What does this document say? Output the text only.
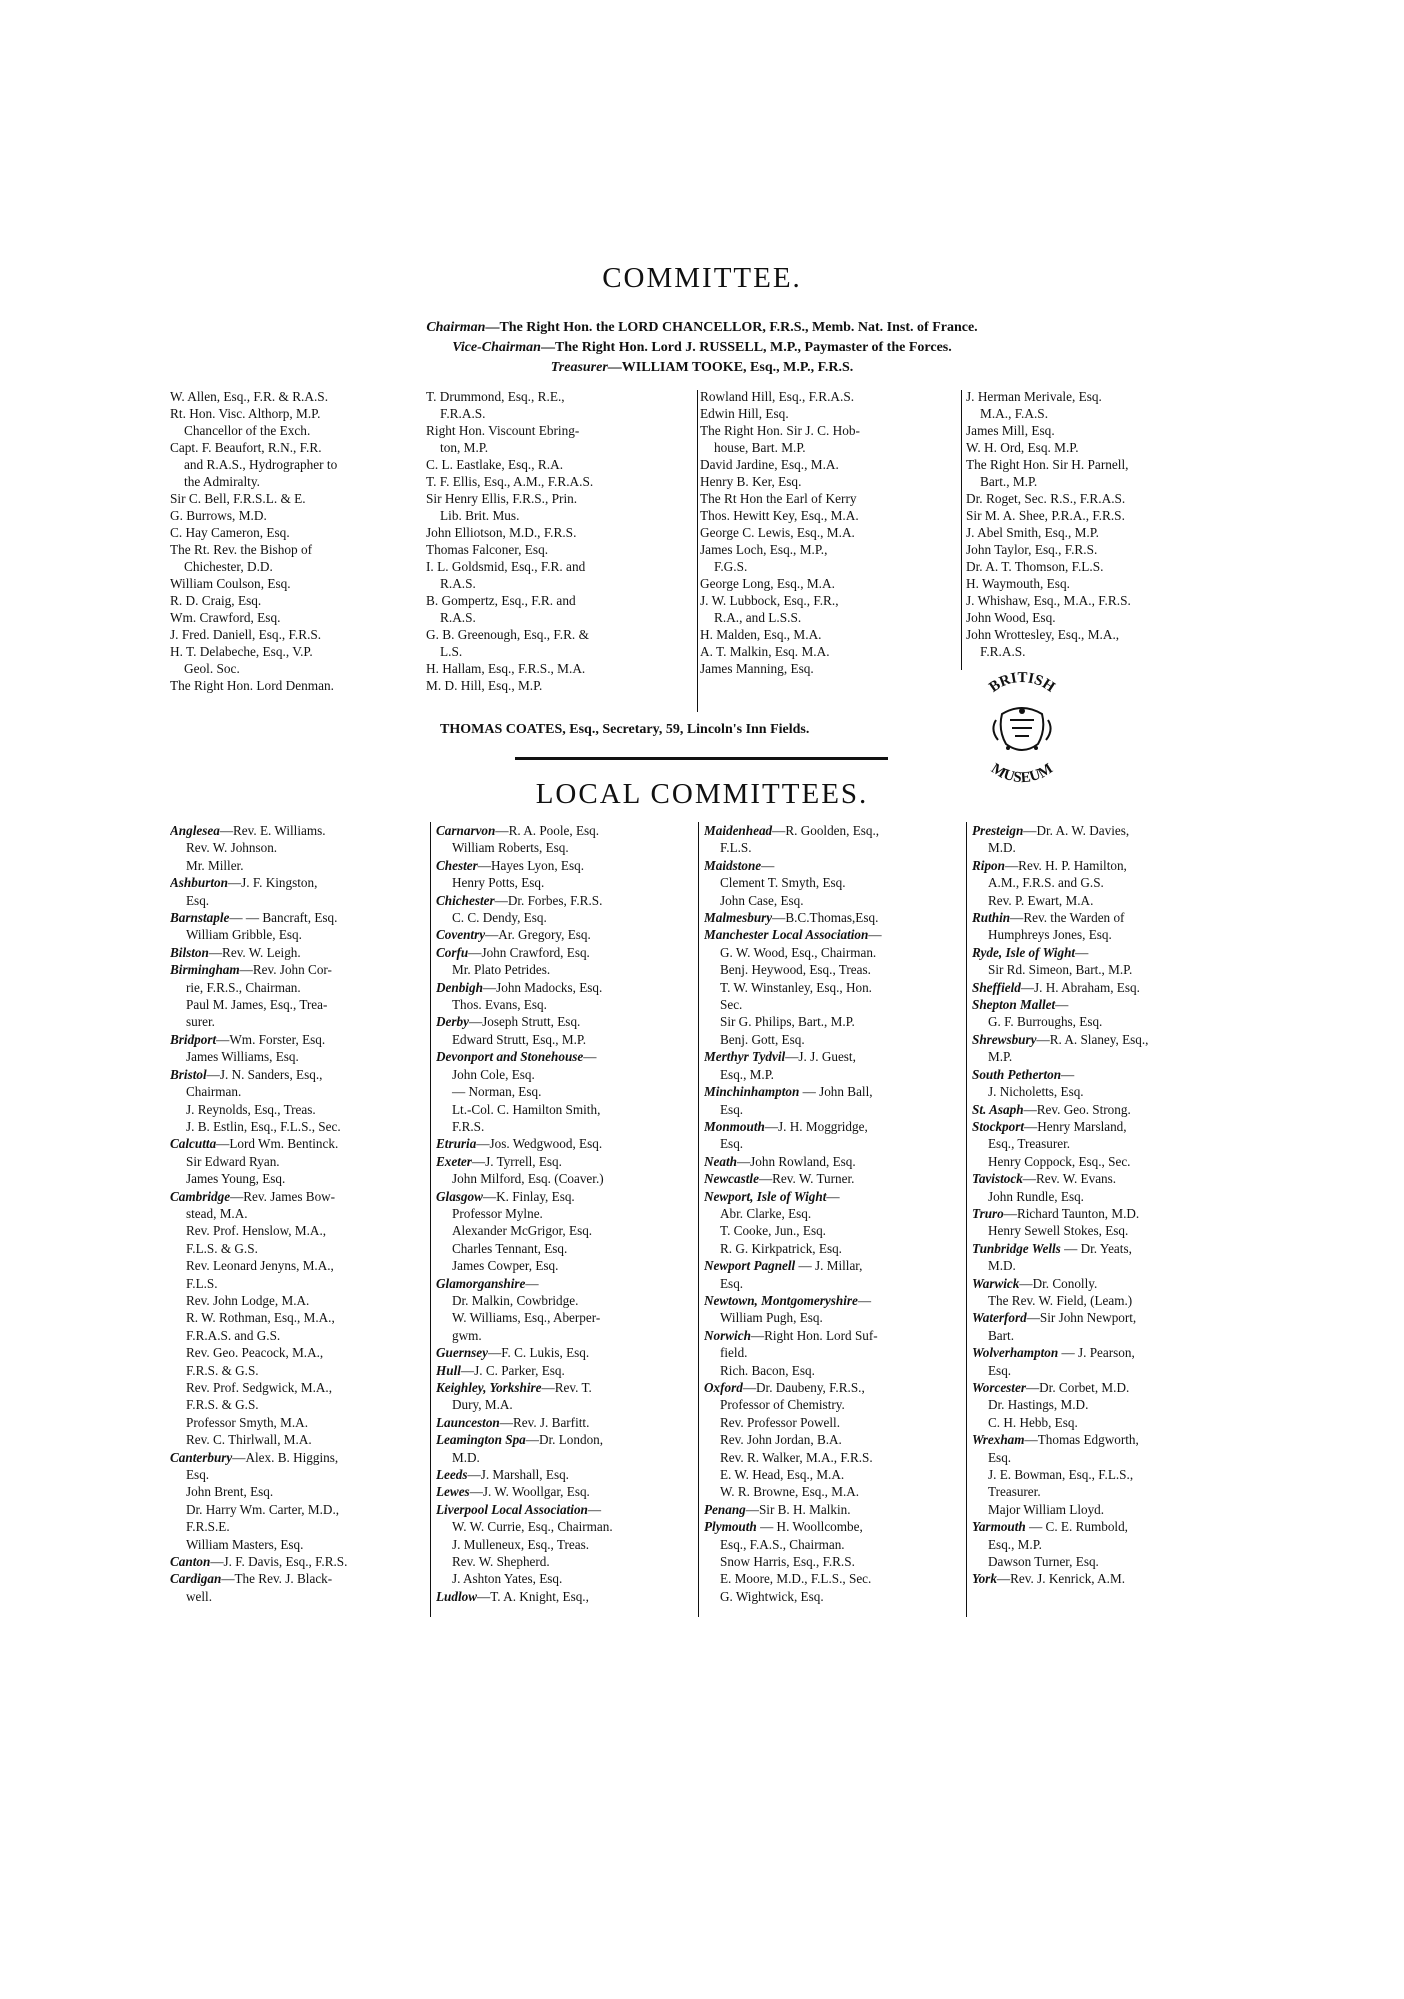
COMMITTEE.
Chairman—The Right Hon. the LORD CHANCELLOR, F.R.S., Memb. Nat. Inst. of France.
Vice-Chairman—The Right Hon. Lord J. RUSSELL, M.P., Paymaster of the Forces.
Treasurer—WILLIAM TOOKE, Esq., M.P., F.R.S.
W. Allen, Esq., F.R. & R.A.S.
Rt. Hon. Visc. Althorp, M.P.
Chancellor of the Exch.
Capt. F. Beaufort, R.N., F.R.
and R.A.S., Hydrographer to
the Admiralty.
Sir C. Bell, F.R.S.L. & E.
G. Burrows, M.D.
C. Hay Cameron, Esq.
The Rt. Rev. the Bishop of
Chichester, D.D.
William Coulson, Esq.
R. D. Craig, Esq.
Wm. Crawford, Esq.
J. Fred. Daniell, Esq., F.R.S.
H. T. Delabeche, Esq., V.P.
Geol. Soc.
The Right Hon. Lord Denman.
T. Drummond, Esq., R.E.,
F.R.A.S.
Right Hon. Viscount Ebring-
ton, M.P.
C. L. Eastlake, Esq., R.A.
T. F. Ellis, Esq., A.M., F.R.A.S.
Sir Henry Ellis, F.R.S., Prin.
Lib. Brit. Mus.
John Elliotson, M.D., F.R.S.
Thomas Falconer, Esq.
I. L. Goldsmid, Esq., F.R. and
R.A.S.
B. Gompertz, Esq., F.R. and
R.A.S.
G. B. Greenough, Esq., F.R. &
L.S.
H. Hallam, Esq., F.R.S., M.A.
M. D. Hill, Esq., M.P.
Rowland Hill, Esq., F.R.A.S.
Edwin Hill, Esq.
The Right Hon. Sir J. C. Hob-
house, Bart. M.P.
David Jardine, Esq., M.A.
Henry B. Ker, Esq.
The Rt Hon the Earl of Kerry
Thos. Hewitt Key, Esq., M.A.
George C. Lewis, Esq., M.A.
James Loch, Esq., M.P.,
F.G.S.
George Long, Esq., M.A.
J. W. Lubbock, Esq., F.R.,
R.A., and L.S.S.
H. Malden, Esq., M.A.
A. T. Malkin, Esq. M.A.
James Manning, Esq.
J. Herman Merivale, Esq.
M.A., F.A.S.
James Mill, Esq.
W. H. Ord, Esq. M.P.
The Right Hon. Sir H. Parnell,
Bart., M.P.
Dr. Roget, Sec. R.S., F.R.A.S.
Sir M. A. Shee, P.R.A., F.R.S.
J. Abel Smith, Esq., M.P.
John Taylor, Esq., F.R.S.
Dr. A. T. Thomson, F.L.S.
H. Waymouth, Esq.
J. Whishaw, Esq., M.A., F.R.S.
John Wood, Esq.
John Wrottesley, Esq., M.A.,
F.R.A.S.
BRITISH
MUSEUM
THOMAS COATES, Esq., Secretary, 59, Lincoln's Inn Fields.
LOCAL COMMITTEES.
Anglesea—Rev. E. Williams.
Rev. W. Johnson.
Mr. Miller.
Ashburton—J. F. Kingston,
Esq.
Barnstaple— — Bancraft, Esq.
William Gribble, Esq.
Bilston—Rev. W. Leigh.
Birmingham—Rev. John Cor-
rie, F.R.S., Chairman.
Paul M. James, Esq., Trea-
surer.
Bridport—Wm. Forster, Esq.
James Williams, Esq.
Bristol—J. N. Sanders, Esq.,
Chairman.
J. Reynolds, Esq., Treas.
J. B. Estlin, Esq., F.L.S., Sec.
Calcutta—Lord Wm. Bentinck.
Sir Edward Ryan.
James Young, Esq.
Cambridge—Rev. James Bow-
stead, M.A.
Rev. Prof. Henslow, M.A.,
F.L.S. & G.S.
Rev. Leonard Jenyns, M.A.,
F.L.S.
Rev. John Lodge, M.A.
R. W. Rothman, Esq., M.A.,
F.R.A.S. and G.S.
Rev. Geo. Peacock, M.A.,
F.R.S. & G.S.
Rev. Prof. Sedgwick, M.A.,
F.R.S. & G.S.
Professor Smyth, M.A.
Rev. C. Thirlwall, M.A.
Canterbury—Alex. B. Higgins,
Esq.
John Brent, Esq.
Dr. Harry Wm. Carter, M.D.,
F.R.S.E.
William Masters, Esq.
Canton—J. F. Davis, Esq., F.R.S.
Cardigan—The Rev. J. Black-
well.
Carnarvon—R. A. Poole, Esq.
William Roberts, Esq.
Chester—Hayes Lyon, Esq.
Henry Potts, Esq.
Chichester—Dr. Forbes, F.R.S.
C. C. Dendy, Esq.
Coventry—Ar. Gregory, Esq.
Corfu—John Crawford, Esq.
Mr. Plato Petrides.
Denbigh—John Madocks, Esq.
Thos. Evans, Esq.
Derby—Joseph Strutt, Esq.
Edward Strutt, Esq., M.P.
Devonport and Stonehouse—
John Cole, Esq.
— Norman, Esq.
Lt.-Col. C. Hamilton Smith,
F.R.S.
Etruria—Jos. Wedgwood, Esq.
Exeter—J. Tyrrell, Esq.
John Milford, Esq. (Coaver.)
Glasgow—K. Finlay, Esq.
Professor Mylne.
Alexander McGrigor, Esq.
Charles Tennant, Esq.
James Cowper, Esq.
Glamorganshire—
Dr. Malkin, Cowbridge.
W. Williams, Esq., Aberper-
gwm.
Guernsey—F. C. Lukis, Esq.
Hull—J. C. Parker, Esq.
Keighley, Yorkshire—Rev. T.
Dury, M.A.
Launceston—Rev. J. Barfitt.
Leamington Spa—Dr. London,
M.D.
Leeds—J. Marshall, Esq.
Lewes—J. W. Woollgar, Esq.
Liverpool Local Association—
W. W. Currie, Esq., Chairman.
J. Mulleneux, Esq., Treas.
Rev. W. Shepherd.
J. Ashton Yates, Esq.
Ludlow—T. A. Knight, Esq.,
Maidenhead—R. Goolden, Esq.,
F.L.S.
Maidstone—
Clement T. Smyth, Esq.
John Case, Esq.
Malmesbury—B.C.Thomas,Esq.
Manchester Local Association—
G. W. Wood, Esq., Chairman.
Benj. Heywood, Esq., Treas.
T. W. Winstanley, Esq., Hon.
Sec.
Sir G. Philips, Bart., M.P.
Benj. Gott, Esq.
Merthyr Tydvil—J. J. Guest,
Esq., M.P.
Minchinhampton — John Ball,
Esq.
Monmouth—J. H. Moggridge,
Esq.
Neath—John Rowland, Esq.
Newcastle—Rev. W. Turner.
Newport, Isle of Wight—
Abr. Clarke, Esq.
T. Cooke, Jun., Esq.
R. G. Kirkpatrick, Esq.
Newport Pagnell — J. Millar,
Esq.
Newtown, Montgomeryshire—
William Pugh, Esq.
Norwich—Right Hon. Lord Suf-
field.
Rich. Bacon, Esq.
Oxford—Dr. Daubeny, F.R.S.,
Professor of Chemistry.
Rev. Professor Powell.
Rev. John Jordan, B.A.
Rev. R. Walker, M.A., F.R.S.
E. W. Head, Esq., M.A.
W. R. Browne, Esq., M.A.
Penang—Sir B. H. Malkin.
Plymouth — H. Woollcombe,
Esq., F.A.S., Chairman.
Snow Harris, Esq., F.R.S.
E. Moore, M.D., F.L.S., Sec.
G. Wightwick, Esq.
Presteign—Dr. A. W. Davies,
M.D.
Ripon—Rev. H. P. Hamilton,
A.M., F.R.S. and G.S.
Rev. P. Ewart, M.A.
Ruthin—Rev. the Warden of
Humphreys Jones, Esq.
Ryde, Isle of Wight—
Sir Rd. Simeon, Bart., M.P.
Sheffield—J. H. Abraham, Esq.
Shepton Mallet—
G. F. Burroughs, Esq.
Shrewsbury—R. A. Slaney, Esq.,
M.P.
South Petherton—
J. Nicholetts, Esq.
St. Asaph—Rev. Geo. Strong.
Stockport—Henry Marsland,
Esq., Treasurer.
Henry Coppock, Esq., Sec.
Tavistock—Rev. W. Evans.
John Rundle, Esq.
Truro—Richard Taunton, M.D.
Henry Sewell Stokes, Esq.
Tunbridge Wells — Dr. Yeats,
M.D.
Warwick—Dr. Conolly.
The Rev. W. Field, (Leam.)
Waterford—Sir John Newport,
Bart.
Wolverhampton — J. Pearson,
Esq.
Worcester—Dr. Corbet, M.D.
Dr. Hastings, M.D.
C. H. Hebb, Esq.
Wrexham—Thomas Edgworth,
Esq.
J. E. Bowman, Esq., F.L.S.,
Treasurer.
Major William Lloyd.
Yarmouth — C. E. Rumbold,
Esq., M.P.
Dawson Turner, Esq.
York—Rev. J. Kenrick, A.M.
